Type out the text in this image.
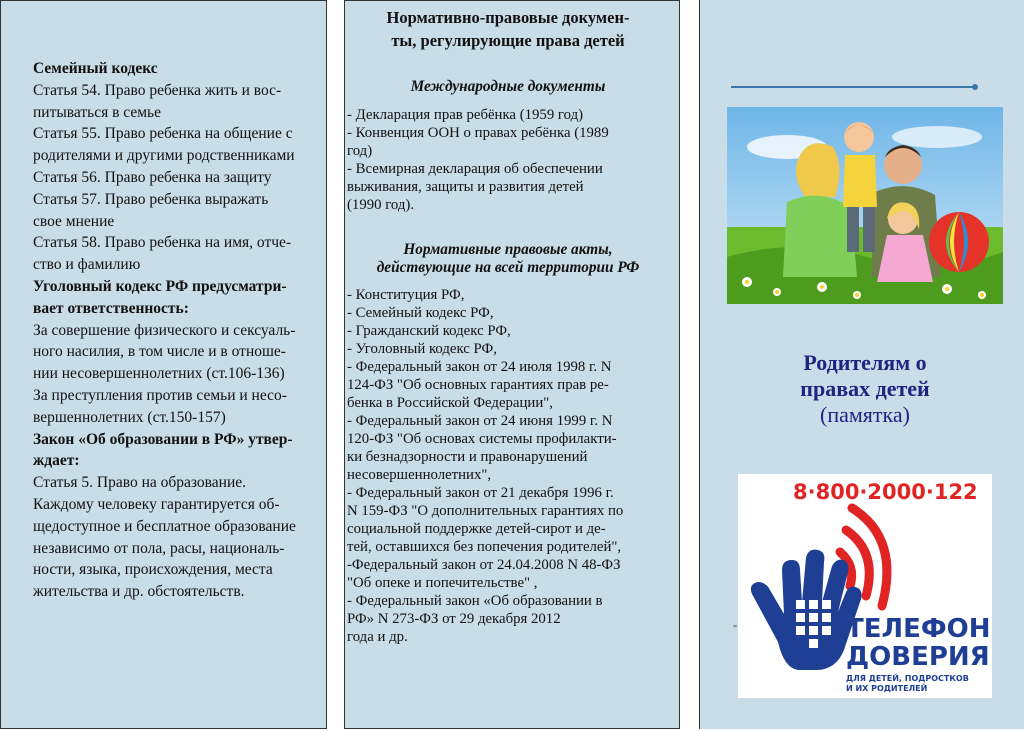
Семейный кодекс
Статья 54. Право ребенка жить и вос-
питываться в семье
Статья 55. Право ребенка на общение с
родителями и другими родственниками
Статья 56. Право ребенка на защиту
Статья 57. Право ребенка выражать
свое мнение
Статья 58. Право ребенка на имя, отче-
ство и фамилию
Уголовный кодекс РФ предусматри-
вает ответственность:
За совершение физического и сексуаль-
ного насилия, в том числе и в отноше-
нии несовершеннолетних (ст.106-136)
За преступления против семьи и несо-
вершеннолетних (ст.150-157)
Закон «Об образовании в РФ» утвер-
ждает:
Статья 5. Право на образование.
Каждому человеку гарантируется об-
щедоступное и бесплатное образование
независимо от пола, расы, националь-
ности, языка, происхождения, места
жительства и др. обстоятельств.
Нормативно-правовые докумен-
ты, регулирующие права детей
Международные документы
- Декларация прав ребёнка (1959 год)
- Конвенция ООН о правах ребёнка (1989
год)
- Всемирная декларация об обеспечении
выживания, защиты и развития детей
(1990 год).
- Конституция РФ,
- Семейный кодекс РФ,
- Гражданский кодекс РФ,
- Уголовный кодекс РФ,
- Федеральный закон от 24 июля 1998 г. N
124-ФЗ "Об основных гарантиях прав ре-
бенка в Российской Федерации",
- Федеральный закон от 24 июня 1999 г. N
120-ФЗ "Об основах системы профилакти-
ки безнадзорности и правонарушений
несовершеннолетних",
- Федеральный закон от 21 декабря 1996 г.
N 159-ФЗ "О дополнительных гарантиях по
социальной поддержке детей-сирот и де-
тей, оставшихся без попечения родителей",
-Федеральный закон от 24.04.2008 N 48-ФЗ
"Об опеке и попечительстве" ,
- Федеральный закон «Об образовании в
РФ» N 273-ФЗ от 29 декабря 2012
года и др.
Нормативные правовые акты,
действующие на всей территории РФ
Родителям о
правах детей
(памятка)
"
8·800·2000·122
ТЕЛЕФОН
ДОВЕРИЯ
ДЛЯ ДЕТЕЙ, ПОДРОСТКОВ
И ИХ РОДИТЕЛЕЙ
